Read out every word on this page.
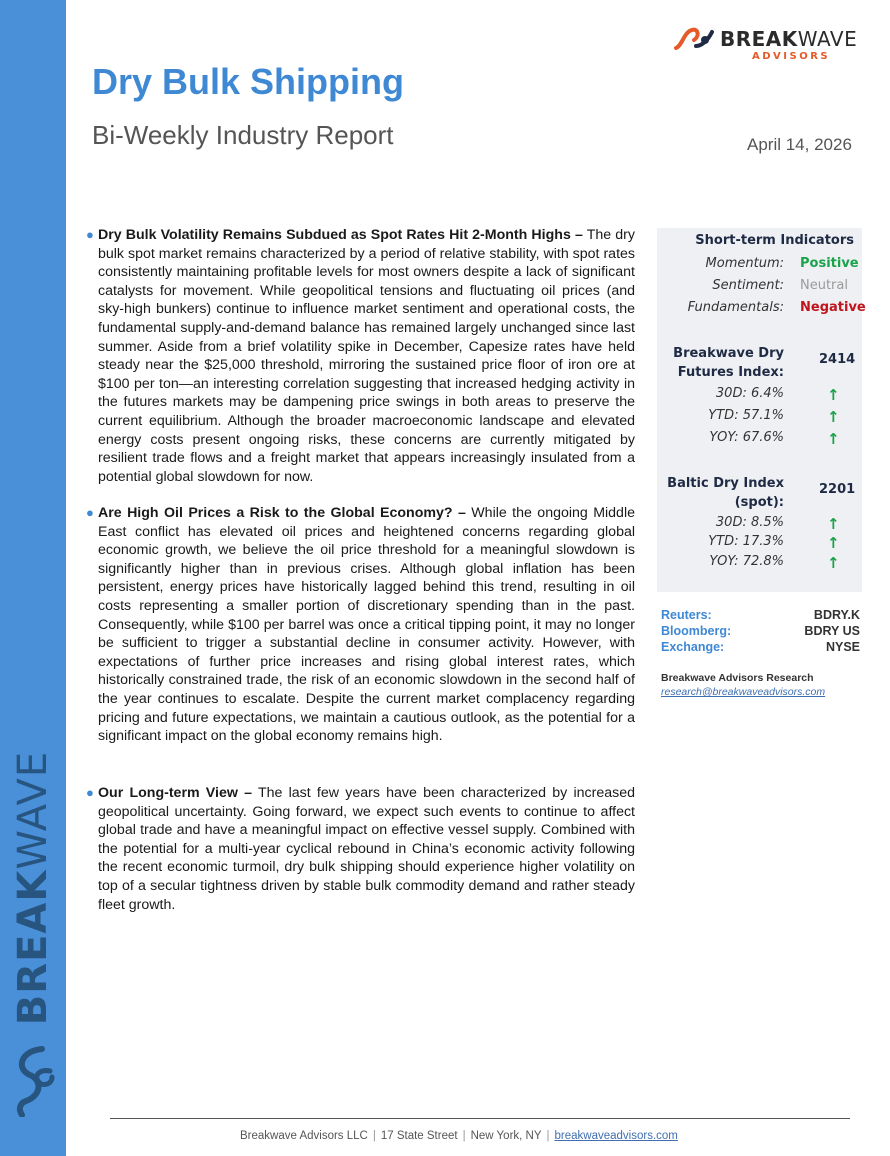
BREAKWAVE
BREAKWAVE
ADVISORS
Dry Bulk Shipping
Bi-Weekly Industry Report	April 14, 2026
● Dry Bulk Volatility Remains Subdued as Spot Rates Hit 2-Month Highs – The dry bulk spot market remains characterized by a period of relative stability, with spot rates consistently maintaining profitable levels for most owners despite a lack of significant catalysts for movement. While geopolitical tensions and fluctuating oil prices (and sky-high bunkers) continue to influence market sentiment and operational costs, the fundamental supply-and-demand balance has remained largely unchanged since last summer. Aside from a brief volatility spike in December, Capesize rates have held steady near the $25,000 threshold, mirroring the sustained price floor of iron ore at $100 per ton—an interesting correlation suggesting that increased hedging activity in the futures markets may be dampening price swings in both areas to preserve the current equilibrium. Although the broader macroeconomic landscape and elevated energy costs present ongoing risks, these concerns are currently mitigated by resilient trade flows and a freight market that appears increasingly insulated from a potential global slowdown for now.
● Are High Oil Prices a Risk to the Global Economy? – While the ongoing Middle East conflict has elevated oil prices and heightened concerns regarding global economic growth, we believe the oil price threshold for a meaningful slowdown is significantly higher than in previous crises. Although global inflation has been persistent, energy prices have historically lagged behind this trend, resulting in oil costs representing a smaller portion of discretionary spending than in the past. Consequently, while $100 per barrel was once a critical tipping point, it may no longer be sufficient to trigger a substantial decline in consumer activity. However, with expectations of further price increases and rising global interest rates, which historically constrained trade, the risk of an economic slowdown in the second half of the year continues to escalate. Despite the current market complacency regarding pricing and future expectations, we maintain a cautious outlook, as the potential for a significant impact on the global economy remains high.
● Our Long-term View – The last few years have been characterized by increased geopolitical uncertainty. Going forward, we expect such events to continue to affect global trade and have a meaningful impact on effective vessel supply. Combined with the potential for a multi-year cyclical rebound in China’s economic activity following the recent economic turmoil, dry bulk shipping should experience higher volatility on top of a secular tightness driven by stable bulk commodity demand and rather steady fleet growth.
Short-term Indicators
Momentum: Positive
Sentiment: Neutral
Fundamentals: Negative
Breakwave Dry
Futures Index:
2414
30D: 6.4%	↑
YTD: 57.1%	↑
YOY: 67.6%	↑
Baltic Dry Index
(spot):
2201
30D: 8.5%	↑
YTD: 17.3%	↑
YOY: 72.8%	↑
Reuters:	BDRY.K
Bloomberg:	BDRY US
Exchange:	NYSE
Breakwave Advisors Research
research@breakwaveadvisors.com
Breakwave Advisors LLC | 17 State Street | New York, NY | breakwaveadvisors.com
